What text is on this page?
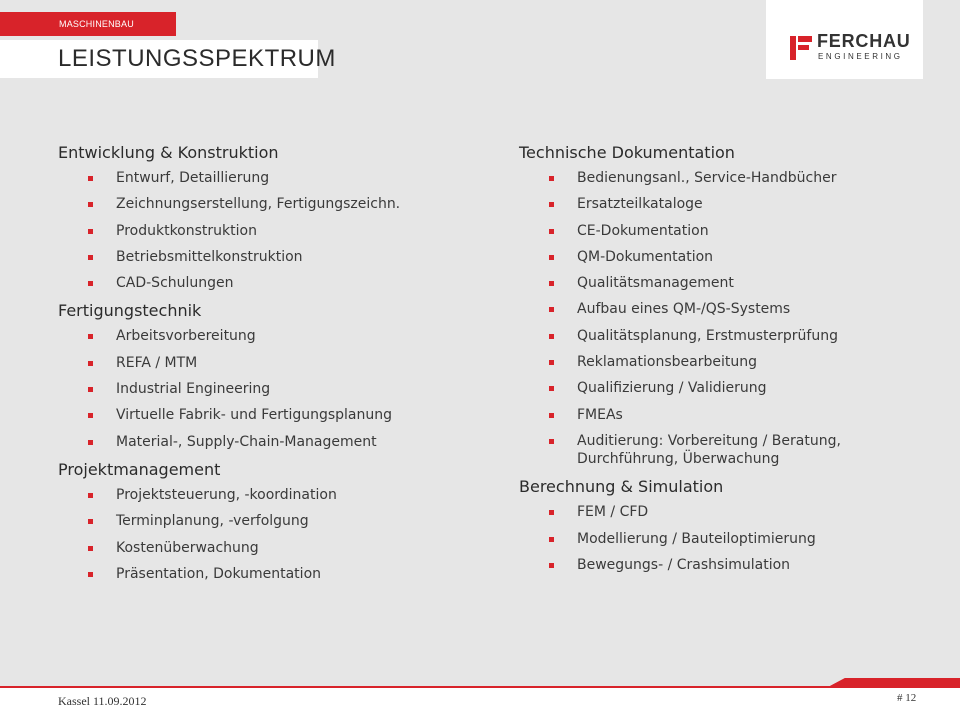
MASCHINENBAU
LEISTUNGSSPEKTRUM
FERCHAU
ENGINEERING
Entwicklung & Konstruktion
Entwurf, Detaillierung
Zeichnungserstellung, Fertigungszeichn.
Produktkonstruktion
Betriebsmittelkonstruktion
CAD-Schulungen
Fertigungstechnik
Arbeitsvorbereitung
REFA / MTM
Industrial Engineering
Virtuelle Fabrik- und Fertigungsplanung
Material-, Supply-Chain-Management
Projektmanagement
Projektsteuerung, -koordination
Terminplanung, -verfolgung
Kostenüberwachung
Präsentation, Dokumentation
Technische Dokumentation
Bedienungsanl., Service-Handbücher
Ersatzteilkataloge
CE-Dokumentation
QM-Dokumentation
Qualitätsmanagement
Aufbau eines QM-/QS-Systems
Qualitätsplanung, Erstmusterprüfung
Reklamationsbearbeitung
Qualifizierung / Validierung
FMEAs
Auditierung: Vorbereitung / Beratung,
Durchführung, Überwachung
Berechnung & Simulation
FEM / CFD
Modellierung / Bauteiloptimierung
Bewegungs- / Crashsimulation
Kassel 11.09.2012	# 12
